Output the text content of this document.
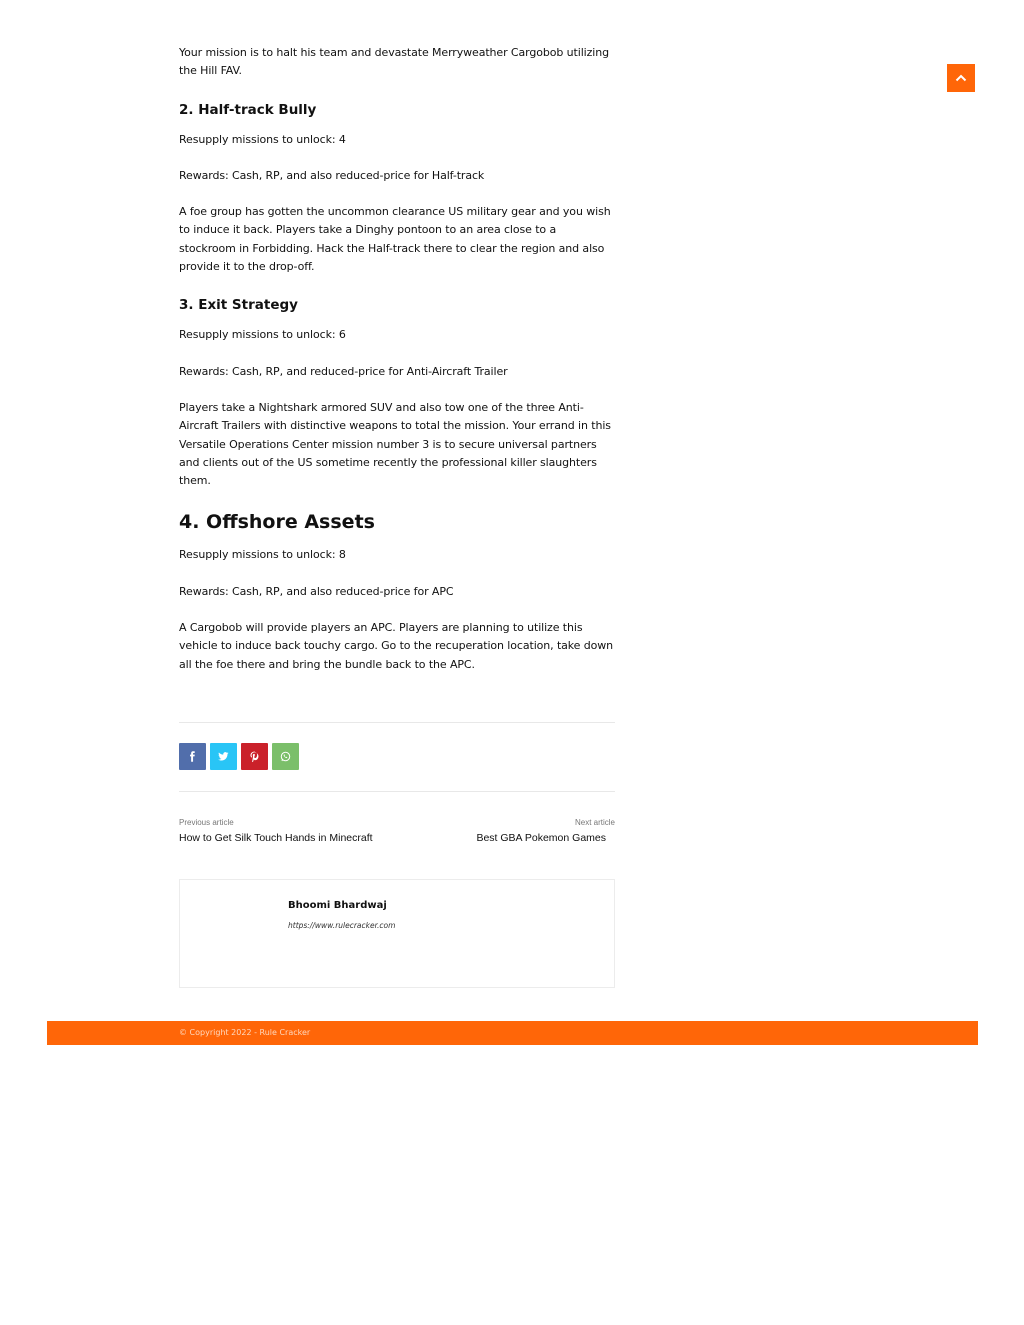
Your mission is to halt his team and devastate Merryweather Cargobob utilizing the Hill FAV.

2. Half-track Bully

Resupply missions to unlock: 4

Rewards: Cash, RP, and also reduced-price for Half-track

A foe group has gotten the uncommon clearance US military gear and you wish to induce it back. Players take a Dinghy pontoon to an area close to a stockroom in Forbidding. Hack the Half-track there to clear the region and also provide it to the drop-off.

3. Exit Strategy

Resupply missions to unlock: 6

Rewards: Cash, RP, and reduced-price for Anti-Aircraft Trailer

Players take a Nightshark armored SUV and also tow one of the three Anti-Aircraft Trailers with distinctive weapons to total the mission. Your errand in this Versatile Operations Center mission number 3 is to secure universal partners and clients out of the US sometime recently the professional killer slaughters them.

4. Offshore Assets

Resupply missions to unlock: 8

Rewards: Cash, RP, and also reduced-price for APC

A Cargobob will provide players an APC. Players are planning to utilize this vehicle to induce back touchy cargo. Go to the recuperation location, take down all the foe there and bring the bundle back to the APC.

Previous article
How to Get Silk Touch Hands in Minecraft
Next article
Best GBA Pokemon Games
Bhoomi Bhardwaj
https://www.rulecracker.com
© Copyright 2022 - Rule Cracker
